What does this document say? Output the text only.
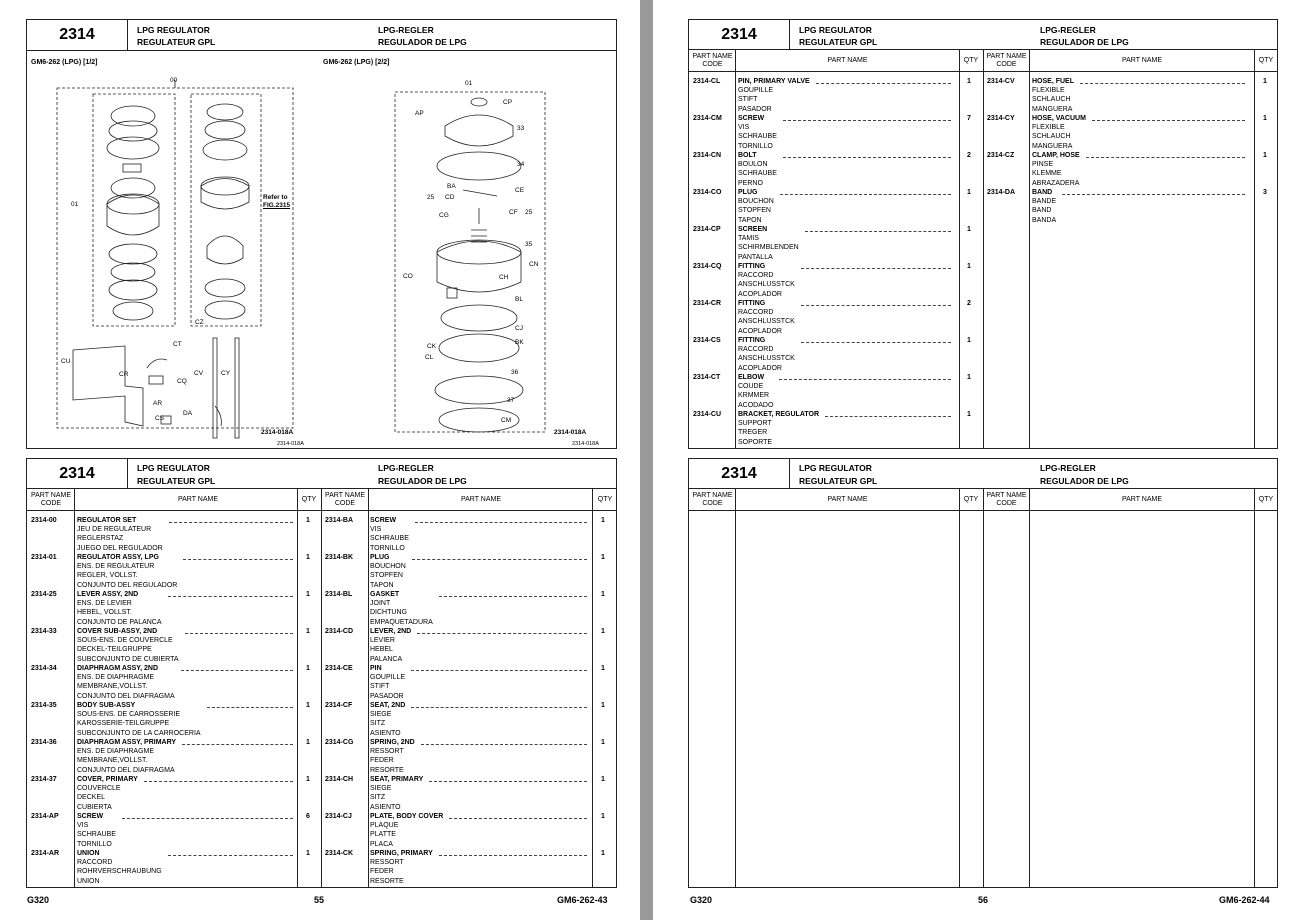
2314	LPG REGULATOR
REGULATEUR GPL
LPG-REGLER
REGULADOR DE LPG
GM6-262 (LPG) [1/2]	GM6-262 (LPG) [2/2]
00
01
CZ
CT
CU
CR
CQ
CV	CY
AR
DA
CS
Refer to
FIG.2315
2314-018A
2314-018A
01
CP
AP
33
34
BA
CE
25 CD
CF 25
CG
35
CN
CO	CH
BL
CJ
CK
BK
CL
36
37
CM
2314-018A
2314-018A
2314	LPG REGULATOR
REGULATEUR GPL
LPG-REGLER
REGULADOR DE LPG
PART NAME CODE
PART NAME	QTY
PART NAME CODE
PART NAME	QTY
2314-00	REGULATOR SET
JEU DE REGULATEUR
REGLERSTAZ
JUEGO DEL REGULADOR
1
2314-01	REGULATOR ASSY, LPG
ENS. DE REGULATEUR
REGLER, VOLLST.
CONJUNTO DEL REGULADOR
1
2314-25	LEVER ASSY, 2ND
ENS. DE LEVIER
HEBEL, VOLLST.
CONJUNTO DE PALANCA
1
2314-33	COVER SUB-ASSY, 2ND
SOUS-ENS. DE COUVERCLE
DECKEL-TEILGRUPPE
SUBCONJUNTO DE CUBIERTA
1
2314-34	DIAPHRAGM ASSY, 2ND
ENS. DE DIAPHRAGME
MEMBRANE,VOLLST.
CONJUNTO DEL DIAFRAGMA
1
2314-35	BODY SUB-ASSY
SOUS-ENS. DE CARROSSERIE
KAROSSERIE-TEILGRUPPE
SUBCONJUNTO DE LA CARROCERIA
1
2314-36	DIAPHRAGM ASSY, PRIMARY
ENS. DE DIAPHRAGME
MEMBRANE,VOLLST.
CONJUNTO DEL DIAFRAGMA
1
2314-37	COVER, PRIMARY
COUVERCLE
DECKEL
CUBIERTA
1
2314-AP	SCREW
VIS
SCHRAUBE
TORNILLO
6
2314-AR	UNION
RACCORD
ROHRVERSCHRAUBUNG
UNION
1
2314-BA SCREW
VIS
SCHRAUBE
TORNILLO
1
2314-BK PLUG
BOUCHON
STOPFEN
TAPON
1
2314-BL	GASKET
JOINT
DICHTUNG
EMPAQUETADURA
1
2314-CD LEVER, 2ND
LEVIER
HEBEL
PALANCA
1
2314-CE PIN
GOUPILLE
STIFT
PASADOR
1
2314-CF	SEAT, 2ND
SIEGE
SITZ
ASIENTO
1
2314-CG SPRING, 2ND
RESSORT
FEDER
RESORTE
1
2314-CH SEAT, PRIMARY
SIEGE
SITZ
ASIENTO
1
2314-CJ	PLATE, BODY COVER
PLAQUE
PLATTE
PLACA
1
2314-CK SPRING, PRIMARY
RESSORT
FEDER
RESORTE
1
G320	55	GM6-262-43
2314	LPG REGULATOR
REGULATEUR GPL
LPG-REGLER
REGULADOR DE LPG
PART NAME CODE
PART NAME	QTY
PART NAME CODE
PART NAME	QTY
2314-CL	PIN, PRIMARY VALVE
GOUPILLE
STIFT
PASADOR
1
2314-CM SCREW
VIS
SCHRAUBE
TORNILLO
7
2314-CN BOLT
BOULON
SCHRAUBE
PERNO
2
2314-CO PLUG
BOUCHON
STOPFEN
TAPON
1
2314-CP SCREEN
TAMIS
SCHIRMBLENDEN
PANTALLA
1
2314-CQ FITTING
RACCORD
ANSCHLUSSTCK
ACOPLADOR
1
2314-CR FITTING
RACCORD
ANSCHLUSSTCK
ACOPLADOR
2
2314-CS FITTING
RACCORD
ANSCHLUSSTCK
ACOPLADOR
1
2314-CT	ELBOW
COUDE
KRMMER
ACODADO
1
2314-CU BRACKET, REGULATOR
SUPPORT
TREGER
SOPORTE
1
2314-CV HOSE, FUEL
FLEXIBLE
SCHLAUCH
MANGUERA
1
2314-CY HOSE, VACUUM
FLEXIBLE
SCHLAUCH
MANGUERA
1
2314-CZ	CLAMP, HOSE
PINSE
KLEMME
ABRAZADERA
1
2314-DA BAND
BANDE
BAND
BANDA
3
2314	LPG REGULATOR
REGULATEUR GPL
LPG-REGLER
REGULADOR DE LPG
PART NAME CODE
PART NAME	QTY
PART NAME CODE
PART NAME	QTY
G320	56	GM6-262-44
